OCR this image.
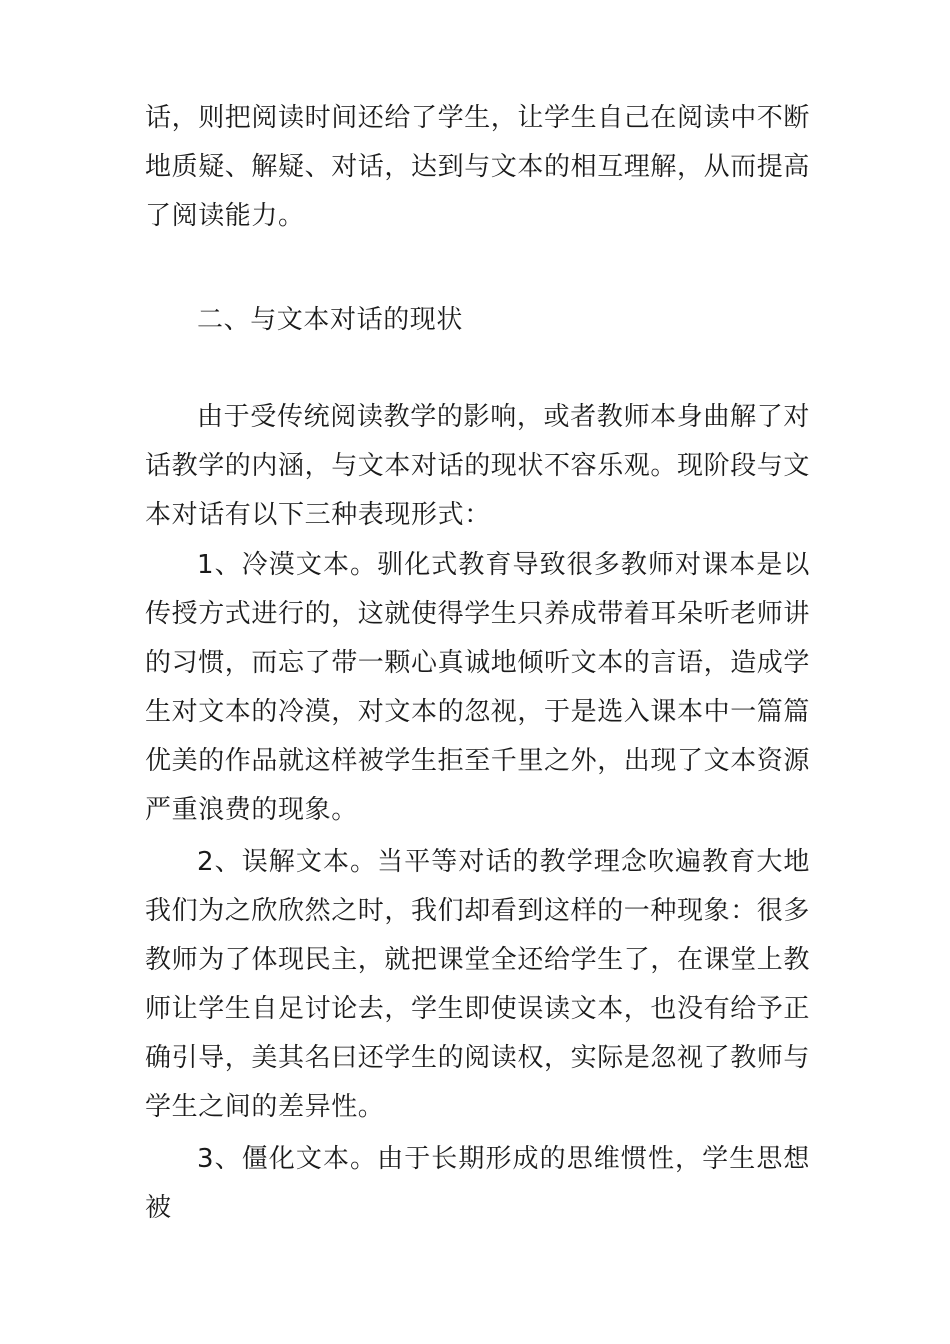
话，则把阅读时间还给了学生，让学生自己在阅读中不断地质疑、解疑、对话，达到与文本的相互理解，从而提高了阅读能力。

二、与文本对话的现状

由于受传统阅读教学的影响，或者教师本身曲解了对话教学的内涵，与文本对话的现状不容乐观。现阶段与文本对话有以下三种表现形式：

1、冷漠文本。驯化式教育导致很多教师对课本是以传授方式进行的，这就使得学生只养成带着耳朵听老师讲的习惯，而忘了带一颗心真诚地倾听文本的言语，造成学生对文本的冷漠，对文本的忽视，于是选入课本中一篇篇优美的作品就这样被学生拒至千里之外，出现了文本资源严重浪费的现象。

2、误解文本。当平等对话的教学理念吹遍教育大地我们为之欣欣然之时，我们却看到这样的一种现象：很多教师为了体现民主，就把课堂全还给学生了，在课堂上教师让学生自足讨论去，学生即使误读文本，也没有给予正确引导，美其名曰还学生的阅读权，实际是忽视了教师与学生之间的差异性。

3、僵化文本。由于长期形成的思维惯性，学生思想被
